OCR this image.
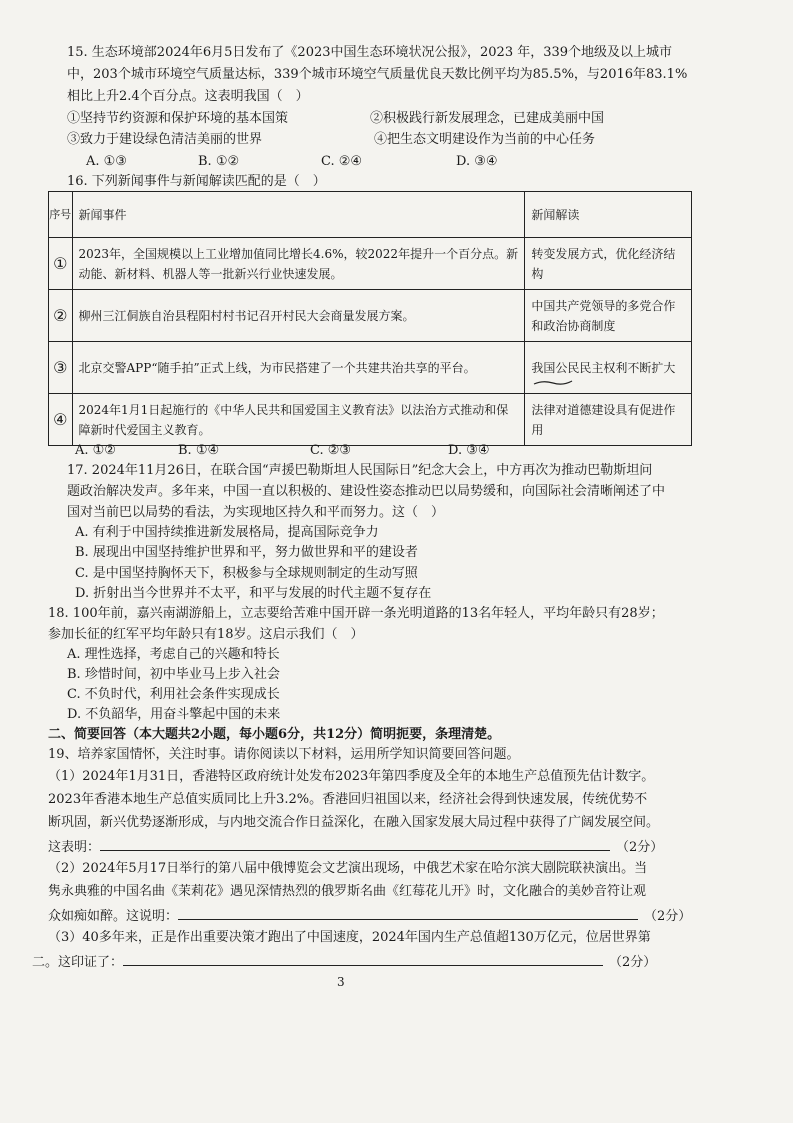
15. 生态环境部2024年6月5日发布了《2023中国生态环境状况公报》，2023 年，339个地级及以上城市
中，203个城市环境空气质量达标，339个城市环境空气质量优良天数比例平均为85.5%，与2016年83.1%
相比上升2.4个百分点。这表明我国（　）
①坚持节约资源和保护环境的基本国策	②积极践行新发展理念，已建成美丽中国
③致力于建设绿色清洁美丽的世界	④把生态文明建设作为当前的中心任务
A. ①③	B. ①②	C. ②④	D. ③④
16. 下列新闻事件与新闻解读匹配的是（　）
序号	新闻事件	新闻解读
①	2023年，全国规模以上工业增加值同比增长4.6%，较2022年提升一个百分点。新动能、新材料、机器人等一批新兴行业快速发展。	转变发展方式，优化经济结构
②	柳州三江侗族自治县程阳村村书记召开村民大会商量发展方案。	中国共产党领导的多党合作和政治协商制度
③	北京交警APP“随手拍”正式上线，为市民搭建了一个共建共治共享的平台。	我国公民民主权利不断扩大
④	2024年1月1日起施行的《中华人民共和国爱国主义教育法》以法治方式推动和保障新时代爱国主义教育。	法律对道德建设具有促进作用
A. ①②	B. ①④	C. ②③	D. ③④
17. 2024年11月26日，在联合国“声援巴勒斯坦人民国际日”纪念大会上，中方再次为推动巴勒斯坦问
题政治解决发声。多年来，中国一直以积极的、建设性姿态推动巴以局势缓和，向国际社会清晰阐述了中
国对当前巴以局势的看法，为实现地区持久和平而努力。这（　）
A. 有利于中国持续推进新发展格局，提高国际竞争力
B. 展现出中国坚持维护世界和平，努力做世界和平的建设者
C. 是中国坚持胸怀天下，积极参与全球规则制定的生动写照
D. 折射出当今世界并不太平，和平与发展的时代主题不复存在
18. 100年前，嘉兴南湖游船上，立志要给苦难中国开辟一条光明道路的13名年轻人，平均年龄只有28岁；
参加长征的红军平均年龄只有18岁。这启示我们（　）
A. 理性选择，考虑自己的兴趣和特长
B. 珍惜时间，初中毕业马上步入社会
C. 不负时代，利用社会条件实现成长
D. 不负韶华，用奋斗擎起中国的未来
二、简要回答（本大题共2小题，每小题6分，共12分）简明扼要，条理清楚。
19、培养家国情怀，关注时事。请你阅读以下材料，运用所学知识简要回答问题。
（1）2024年1月31日，香港特区政府统计处发布2023年第四季度及全年的本地生产总值预先估计数字。
2023年香港本地生产总值实质同比上升3.2%。香港回归祖国以来，经济社会得到快速发展，传统优势不
断巩固，新兴优势逐渐形成，与内地交流合作日益深化，在融入国家发展大局过程中获得了广阔发展空间。
这表明：	（2分）
（2）2024年5月17日举行的第八届中俄博览会文艺演出现场，中俄艺术家在哈尔滨大剧院联袂演出。当
隽永典雅的中国名曲《茉莉花》遇见深情热烈的俄罗斯名曲《红莓花儿开》时，文化融合的美妙音符让观
众如痴如醉。这说明：	（2分）
（3）40多年来，正是作出重要决策才跑出了中国速度，2024年国内生产总值超130万亿元，位居世界第
二。这印证了：	（2分）
3
